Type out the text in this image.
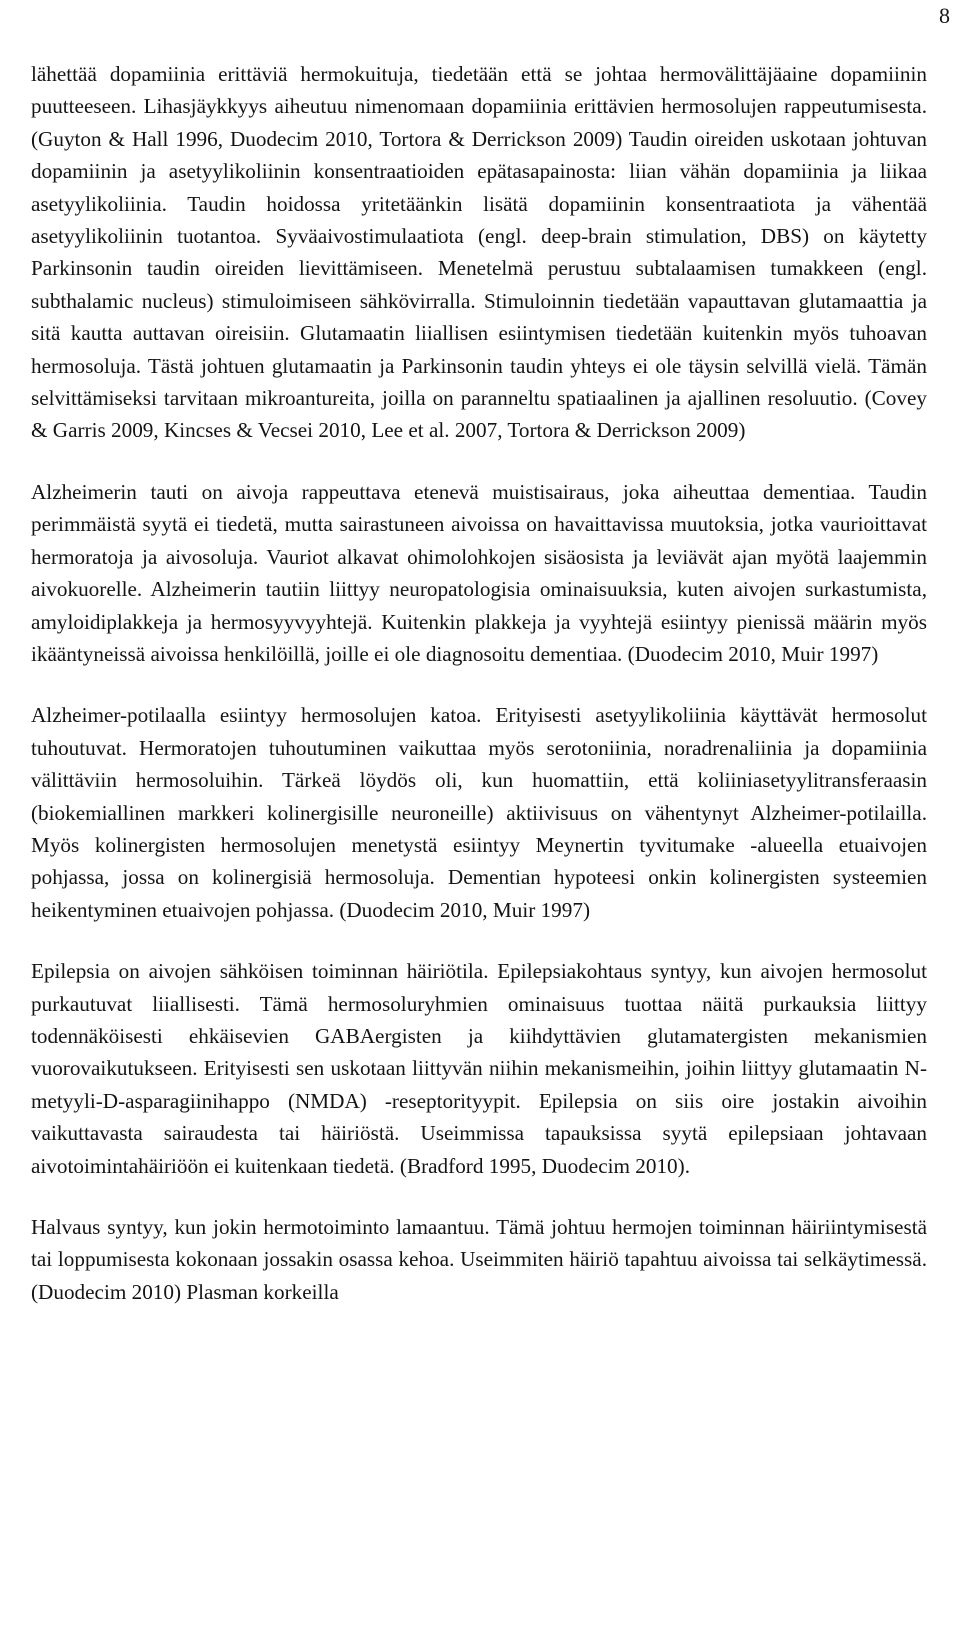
8

lähettää dopamiinia erittäviä hermokuituja, tiedetään että se johtaa hermovälittäjäaine dopamiinin puutteeseen. Lihasjäykkyys aiheutuu nimenomaan dopamiinia erittävien hermosolujen rappeutumisesta. (Guyton & Hall 1996, Duodecim 2010, Tortora & Derrickson 2009) Taudin oireiden uskotaan johtuvan dopamiinin ja asetyylikoliinin konsentraatioiden epätasapainosta: liian vähän dopamiinia ja liikaa asetyylikoliinia. Taudin hoidossa yritetäänkin lisätä dopamiinin konsentraatiota ja vähentää asetyylikoliinin tuotantoa. Syväaivostimulaatiota (engl. deep-brain stimulation, DBS) on käytetty Parkinsonin taudin oireiden lievittämiseen. Menetelmä perustuu subtalaamisen tumakkeen (engl. subthalamic nucleus) stimuloimiseen sähkövirralla. Stimuloinnin tiedetään vapauttavan glutamaattia ja sitä kautta auttavan oireisiin. Glutamaatin liiallisen esiintymisen tiedetään kuitenkin myös tuhoavan hermosoluja. Tästä johtuen glutamaatin ja Parkinsonin taudin yhteys ei ole täysin selvillä vielä. Tämän selvittämiseksi tarvitaan mikroantureita, joilla on paranneltu spatiaalinen ja ajallinen resoluutio. (Covey & Garris 2009, Kincses & Vecsei 2010, Lee et al. 2007, Tortora & Derrickson 2009)

Alzheimerin tauti on aivoja rappeuttava etenevä muistisairaus, joka aiheuttaa dementiaa. Taudin perimmäistä syytä ei tiedetä, mutta sairastuneen aivoissa on havaittavissa muutoksia, jotka vaurioittavat hermoratoja ja aivosoluja. Vauriot alkavat ohimolohkojen sisäosista ja leviävät ajan myötä laajemmin aivokuorelle. Alzheimerin tautiin liittyy neuropatologisia ominaisuuksia, kuten aivojen surkastumista, amyloidiplakkeja ja hermosyyvyyhtejä. Kuitenkin plakkeja ja vyyhtejä esiintyy pienissä määrin myös ikääntyneissä aivoissa henkilöillä, joille ei ole diagnosoitu dementiaa. (Duodecim 2010, Muir 1997)

Alzheimer-potilaalla esiintyy hermosolujen katoa. Erityisesti asetyylikoliinia käyttävät hermosolut tuhoutuvat. Hermoratojen tuhoutuminen vaikuttaa myös serotoniinia, noradrenaliinia ja dopamiinia välittäviin hermosoluihin. Tärkeä löydös oli, kun huomattiin, että koliiniasetyylitransferaasin (biokemiallinen markkeri kolinergisille neuroneille) aktiivisuus on vähentynyt Alzheimer-potilailla. Myös kolinergisten hermosolujen menetystä esiintyy Meynertin tyvitumake -alueella etuaivojen pohjassa, jossa on kolinergisiä hermosoluja. Dementian hypoteesi onkin kolinergisten systeemien heikentyminen etuaivojen pohjassa. (Duodecim 2010, Muir 1997)

Epilepsia on aivojen sähköisen toiminnan häiriötila. Epilepsiakohtaus syntyy, kun aivojen hermosolut purkautuvat liiallisesti. Tämä hermosoluryhmien ominaisuus tuottaa näitä purkauksia liittyy todennäköisesti ehkäisevien GABAergisten ja kiihdyttävien glutamatergisten mekanismien vuorovaikutukseen. Erityisesti sen uskotaan liittyvän niihin mekanismeihin, joihin liittyy glutamaatin N-metyyli-D-asparagiinihappo (NMDA) -reseptorityypit. Epilepsia on siis oire jostakin aivoihin vaikuttavasta sairaudesta tai häiriöstä. Useimmissa tapauksissa syytä epilepsiaan johtavaan aivotoimintahäiriöön ei kuitenkaan tiedetä. (Bradford 1995, Duodecim 2010).

Halvaus syntyy, kun jokin hermotoiminto lamaantuu. Tämä johtuu hermojen toiminnan häiriintymisestä tai loppumisesta kokonaan jossakin osassa kehoa. Useimmiten häiriö tapahtuu aivoissa tai selkäytimessä. (Duodecim 2010) Plasman korkeilla
